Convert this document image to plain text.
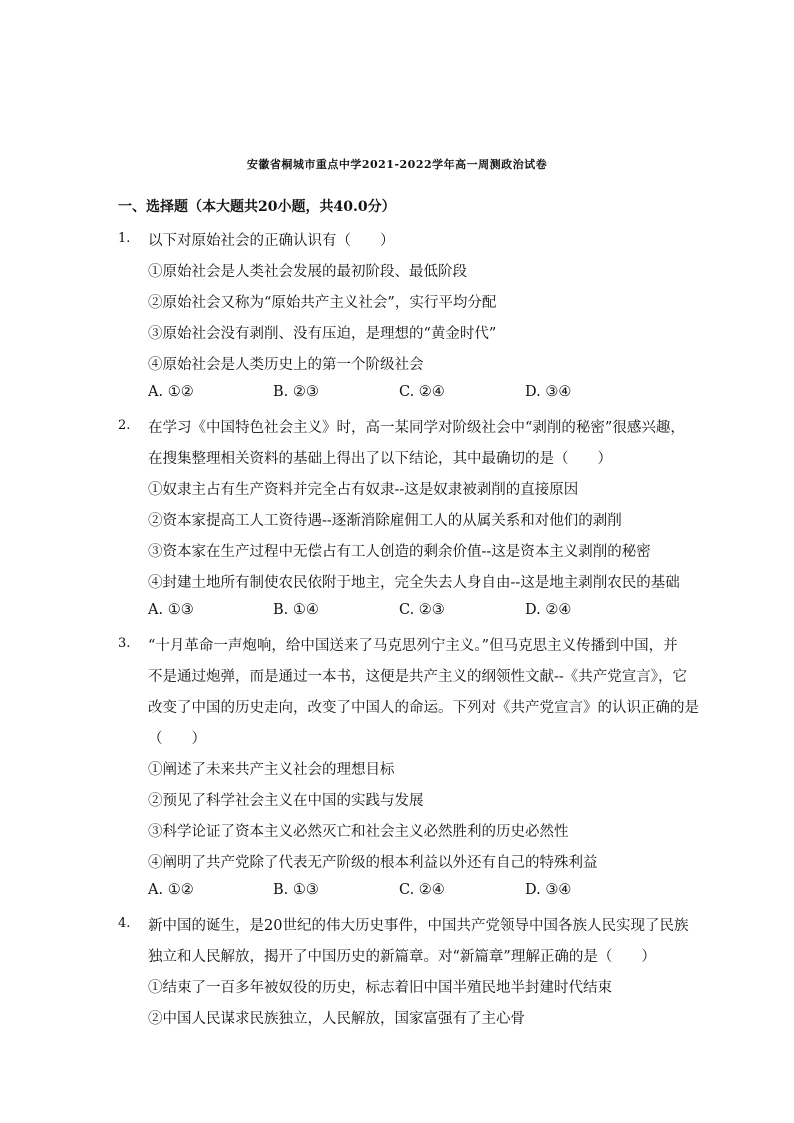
安徽省桐城市重点中学2021-2022学年高一周测政治试卷
一、选择题（本大题共20小题，共40.0分）
1. 以下对原始社会的正确认识有（　　）
①原始社会是人类社会发展的最初阶段、最低阶段
②原始社会又称为“原始共产主义社会”，实行平均分配
③原始社会没有剥削、没有压迫，是理想的“黄金时代”
④原始社会是人类历史上的第一个阶级社会
A. ①②	B. ②③	C. ②④	D. ③④
2. 在学习《中国特色社会主义》时，高一某同学对阶级社会中“剥削的秘密”很感兴趣，
在搜集整理相关资料的基础上得出了以下结论，其中最确切的是（　　）
①奴隶主占有生产资料并完全占有奴隶--这是奴隶被剥削的直接原因
②资本家提高工人工资待遇--逐渐消除雇佣工人的从属关系和对他们的剥削
③资本家在生产过程中无偿占有工人创造的剩余价值--这是资本主义剥削的秘密
④封建土地所有制使农民依附于地主，完全失去人身自由--这是地主剥削农民的基础
A. ①③	B. ①④	C. ②③	D. ②④
3. “十月革命一声炮响，给中国送来了马克思列宁主义。”但马克思主义传播到中国，并
不是通过炮弹，而是通过一本书，这便是共产主义的纲领性文献--《共产党宣言》，它
改变了中国的历史走向，改变了中国人的命运。下列对《共产党宣言》的认识正确的是
（　　）
①阐述了未来共产主义社会的理想目标
②预见了科学社会主义在中国的实践与发展
③科学论证了资本主义必然灭亡和社会主义必然胜利的历史必然性
④阐明了共产党除了代表无产阶级的根本利益以外还有自己的特殊利益
A. ①②	B. ①③	C. ②④	D. ③④
4. 新中国的诞生，是20世纪的伟大历史事件，中国共产党领导中国各族人民实现了民族
独立和人民解放，揭开了中国历史的新篇章。对“新篇章”理解正确的是（　　）
①结束了一百多年被奴役的历史，标志着旧中国半殖民地半封建时代结束
②中国人民谋求民族独立，人民解放，国家富强有了主心骨
